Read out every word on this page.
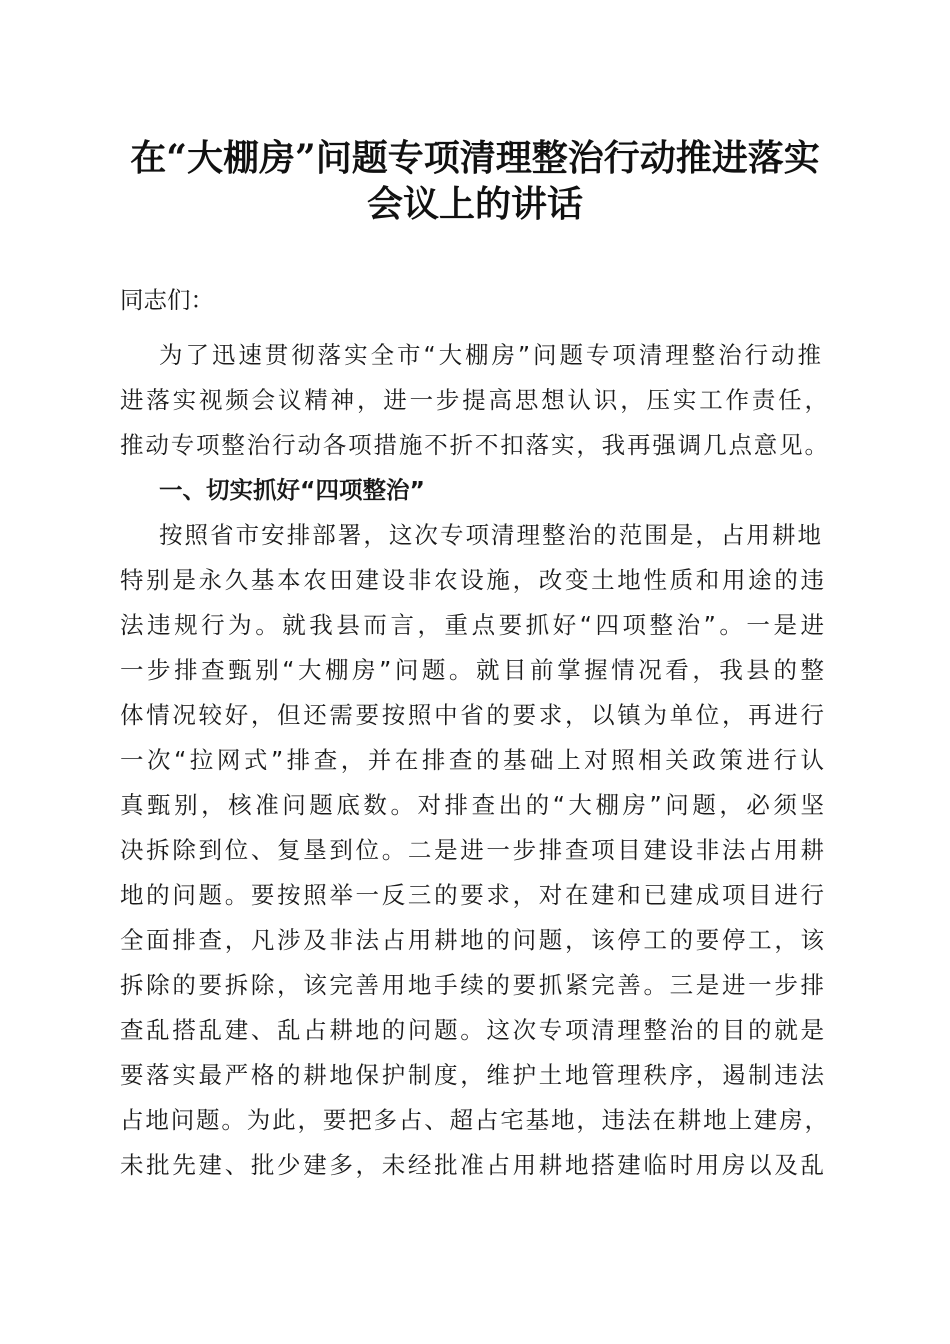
在“大棚房”问题专项清理整治行动推进落实
会议上的讲话
同志们：
为了迅速贯彻落实全市“大棚房”问题专项清理整治行动推
进落实视频会议精神，进一步提高思想认识，压实工作责任，
推动专项整治行动各项措施不折不扣落实，我再强调几点意见。
一、切实抓好“四项整治”
按照省市安排部署，这次专项清理整治的范围是，占用耕地
特别是永久基本农田建设非农设施，改变土地性质和用途的违
法违规行为。就我县而言，重点要抓好“四项整治”。一是进
一步排查甄别“大棚房”问题。就目前掌握情况看，我县的整
体情况较好，但还需要按照中省的要求，以镇为单位，再进行
一次“拉网式”排查，并在排查的基础上对照相关政策进行认
真甄别，核准问题底数。对排查出的“大棚房”问题，必须坚
决拆除到位、复垦到位。二是进一步排查项目建设非法占用耕
地的问题。要按照举一反三的要求，对在建和已建成项目进行
全面排查，凡涉及非法占用耕地的问题，该停工的要停工，该
拆除的要拆除，该完善用地手续的要抓紧完善。三是进一步排
查乱搭乱建、乱占耕地的问题。这次专项清理整治的目的就是
要落实最严格的耕地保护制度，维护土地管理秩序，遏制违法
占地问题。为此，要把多占、超占宅基地，违法在耕地上建房，
未批先建、批少建多，未经批准占用耕地搭建临时用房以及乱
